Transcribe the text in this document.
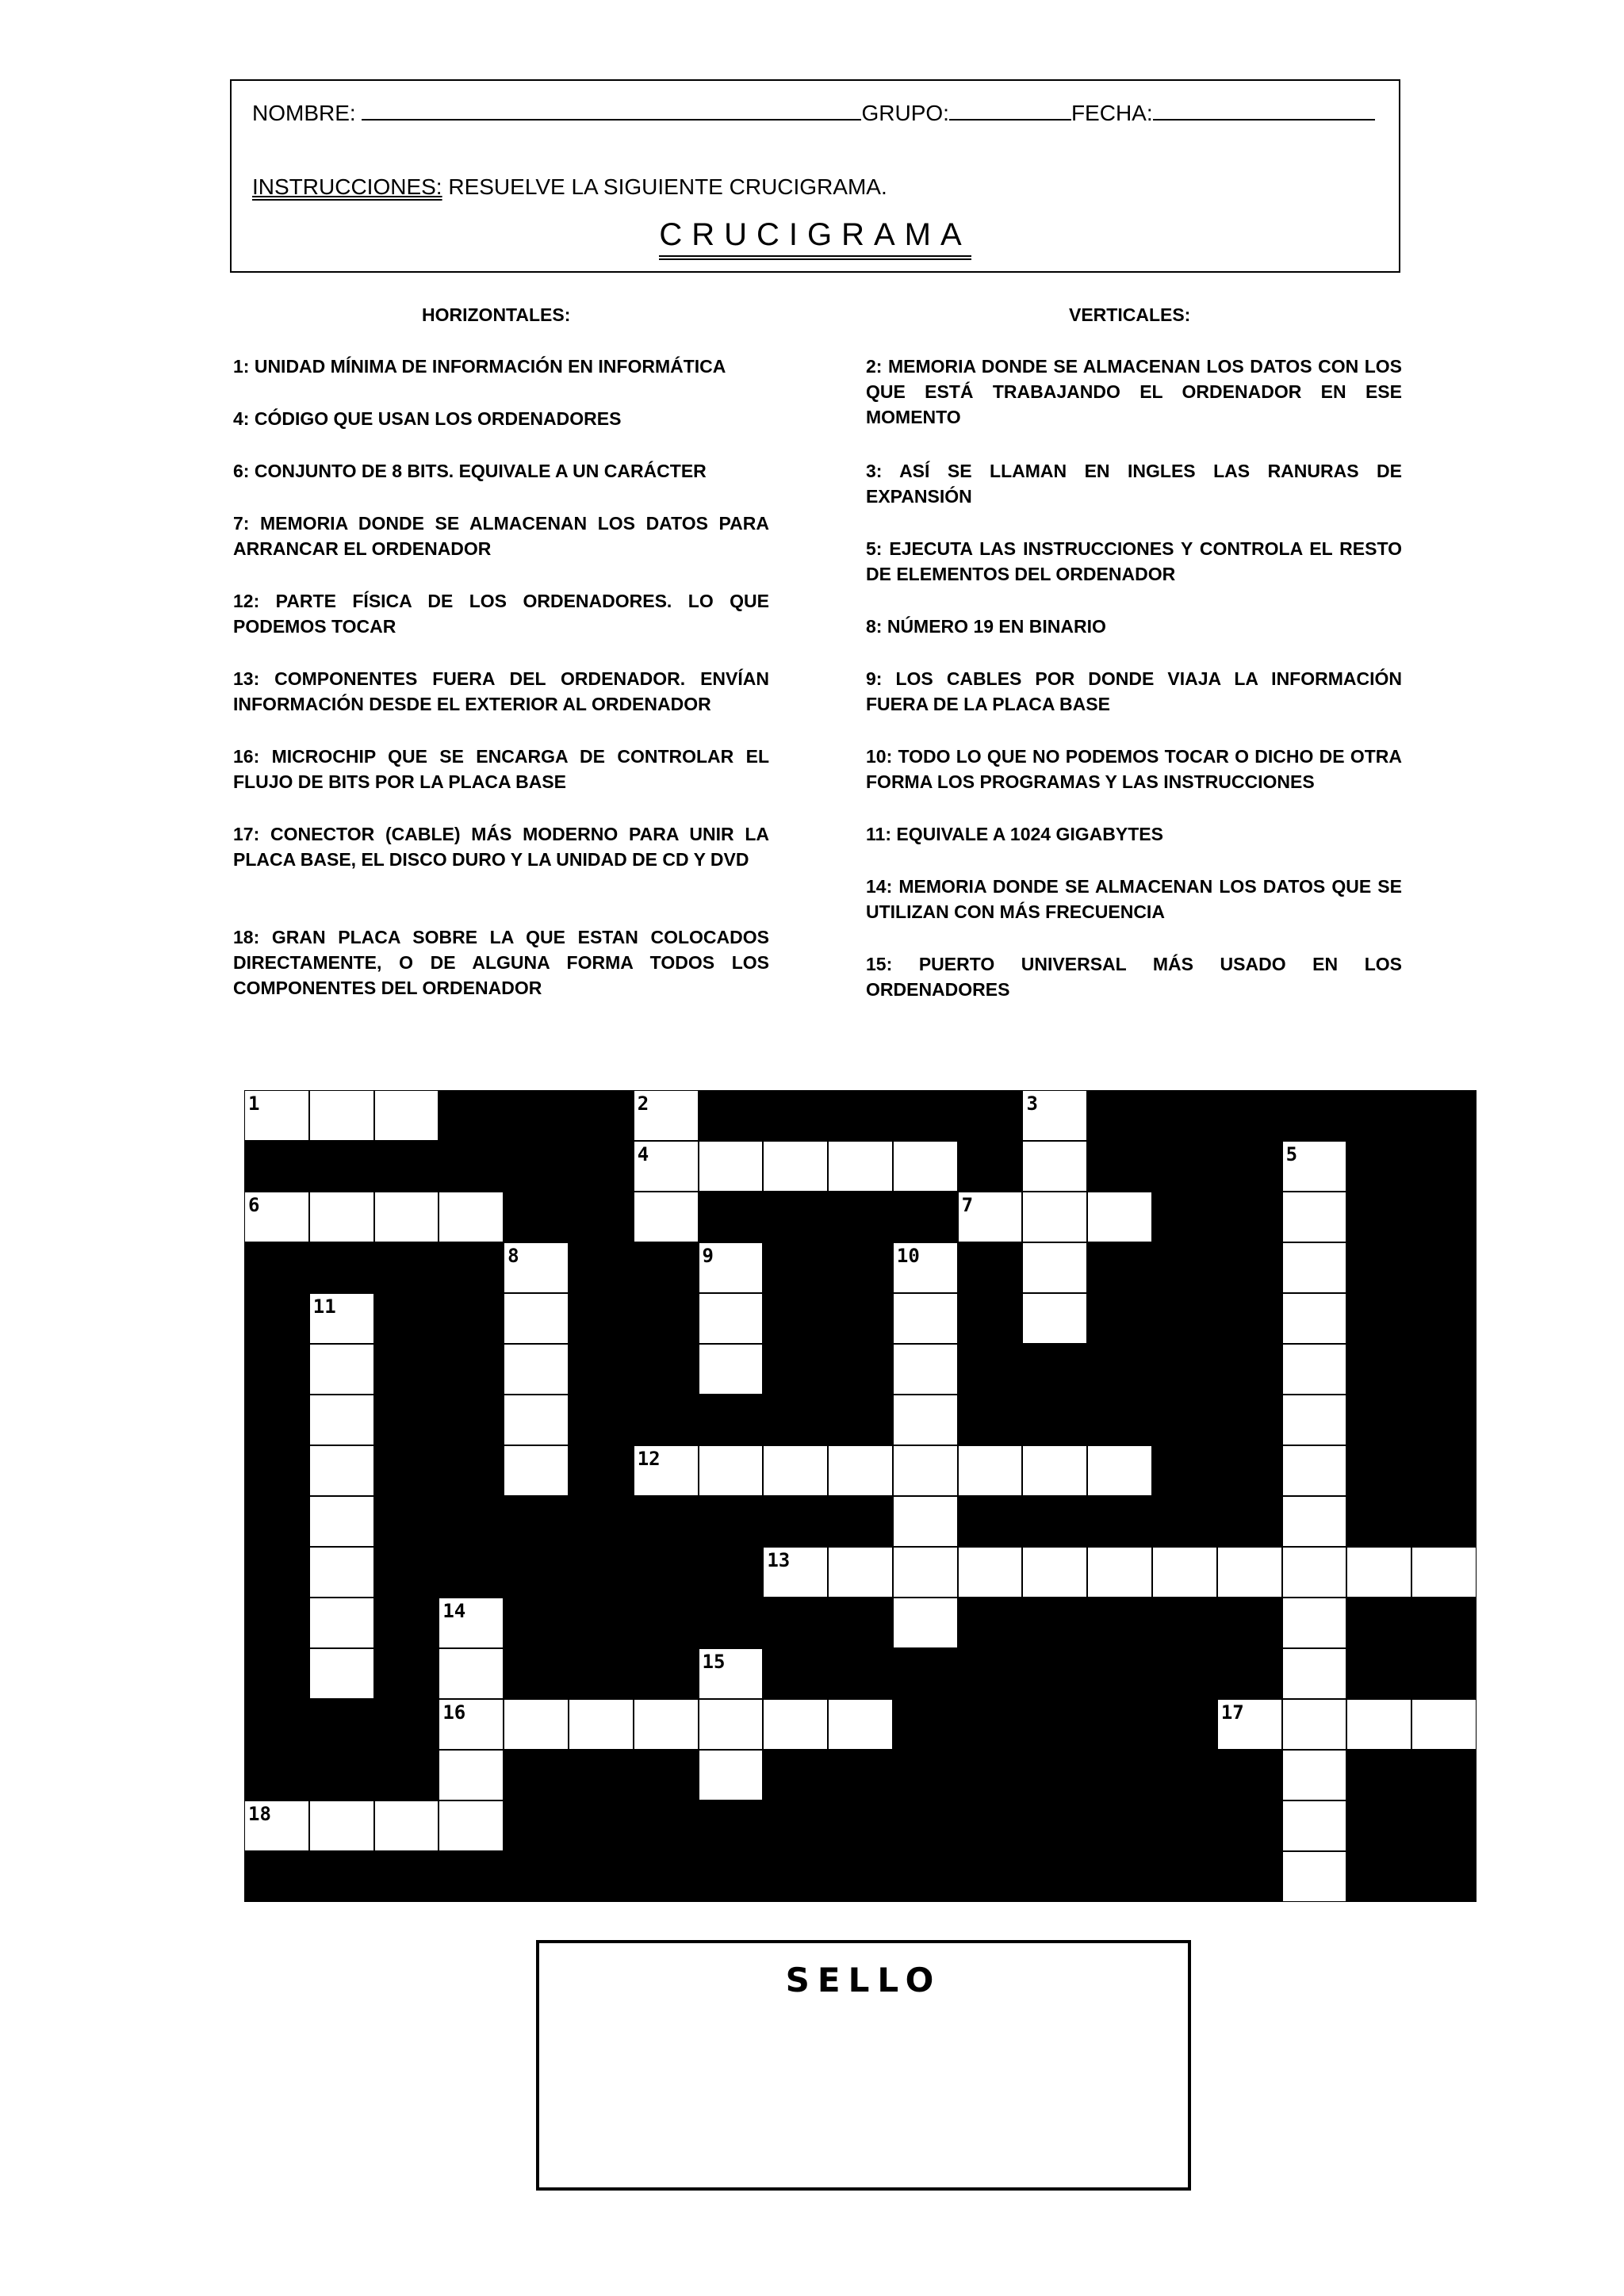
NOMBRE:	GRUPO:	FECHA:
INSTRUCCIONES: RESUELVE LA SIGUIENTE CRUCIGRAMA.
CRUCIGRAMA
HORIZONTALES:	VERTICALES:
1: UNIDAD MÍNIMA DE INFORMACIÓN EN INFORMÁTICA
4: CÓDIGO QUE USAN LOS ORDENADORES
6: CONJUNTO DE 8 BITS. EQUIVALE A UN CARÁCTER
7: MEMORIA DONDE SE ALMACENAN LOS DATOS PARA ARRANCAR EL ORDENADOR
12: PARTE FÍSICA DE LOS ORDENADORES. LO QUE PODEMOS TOCAR
13: COMPONENTES FUERA DEL ORDENADOR. ENVÍAN INFORMACIÓN DESDE EL EXTERIOR AL ORDENADOR
16: MICROCHIP QUE SE ENCARGA DE CONTROLAR EL FLUJO DE BITS POR LA PLACA BASE
17: CONECTOR (CABLE) MÁS MODERNO PARA UNIR LA PLACA BASE, EL DISCO DURO Y LA UNIDAD DE CD Y DVD
18: GRAN PLACA SOBRE LA QUE ESTAN COLOCADOS DIRECTAMENTE, O DE ALGUNA FORMA TODOS LOS COMPONENTES DEL ORDENADOR
2: MEMORIA DONDE SE ALMACENAN LOS DATOS CON LOS QUE ESTÁ TRABAJANDO EL ORDENADOR EN ESE MOMENTO
3: ASÍ SE LLAMAN EN INGLES LAS RANURAS DE EXPANSIÓN
5: EJECUTA LAS INSTRUCCIONES Y CONTROLA EL RESTO DE ELEMENTOS DEL ORDENADOR
8: NÚMERO 19 EN BINARIO
9: LOS CABLES POR DONDE VIAJA LA INFORMACIÓN FUERA DE LA PLACA BASE
10: TODO LO QUE NO PODEMOS TOCAR O DICHO DE OTRA FORMA LOS PROGRAMAS Y LAS INSTRUCCIONES
11: EQUIVALE A 1024 GIGABYTES
14: MEMORIA DONDE SE ALMACENAN LOS DATOS QUE SE UTILIZAN CON MÁS FRECUENCIA
15: PUERTO UNIVERSAL MÁS USADO EN LOS ORDENADORES
1	2	3
4	5
6	7
8	9	10
11
12
13
14
15
16	17
18
SELLO
